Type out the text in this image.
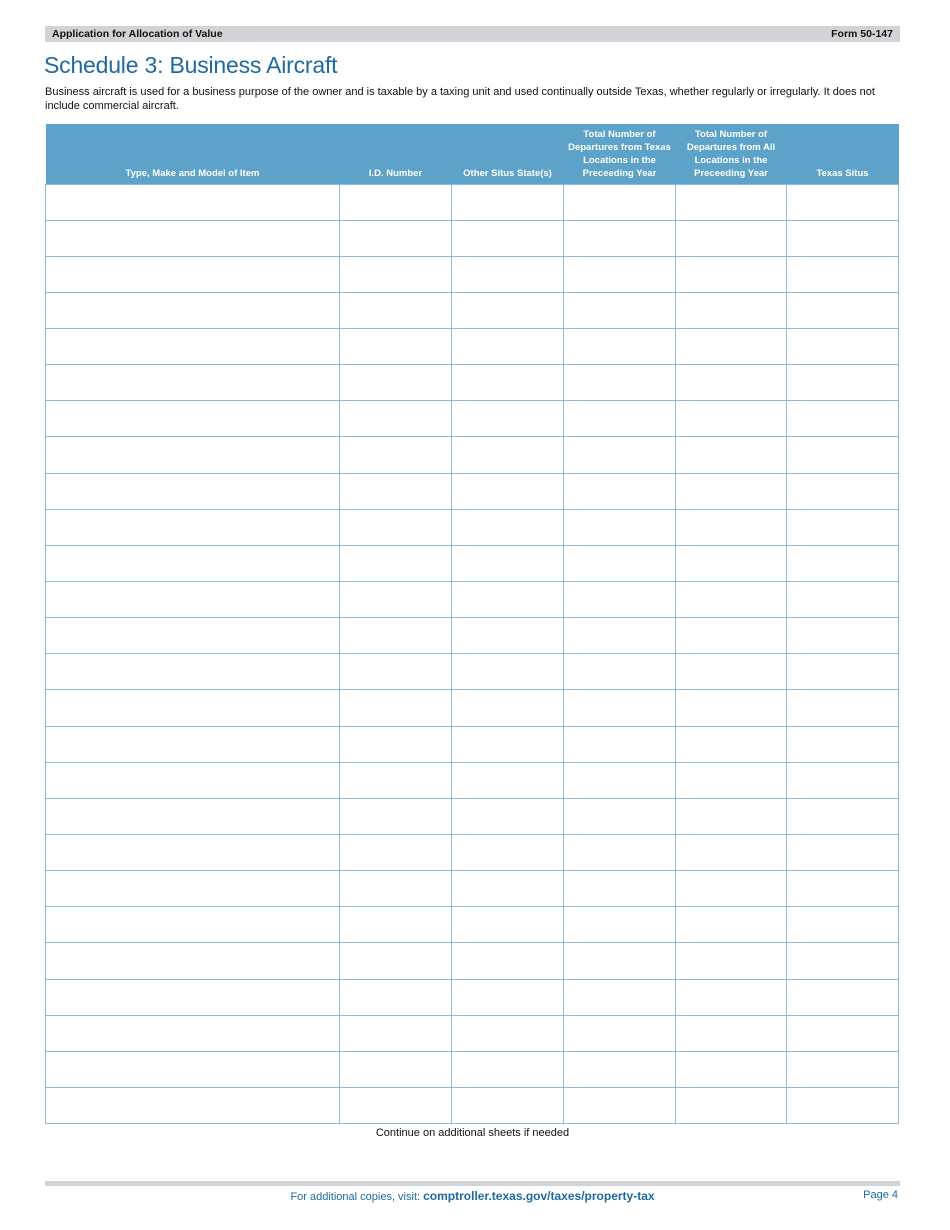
Application for Allocation of Value	Form 50-147
Schedule 3: Business Aircraft

Business aircraft is used for a business purpose of the owner and is taxable by a taxing unit and used continually outside Texas, whether regularly or irregularly. It does not include commercial aircraft.

Type, Make and Model of Item	I.D. Number	Other Situs State(s)	Total Number of Departures from Texas Locations in the Preceeding Year	Total Number of Departures from All Locations in the Preceeding Year	Texas Situs

Continue on additional sheets if needed
For additional copies, visit: comptroller.texas.gov/taxes/property-tax	Page 4
